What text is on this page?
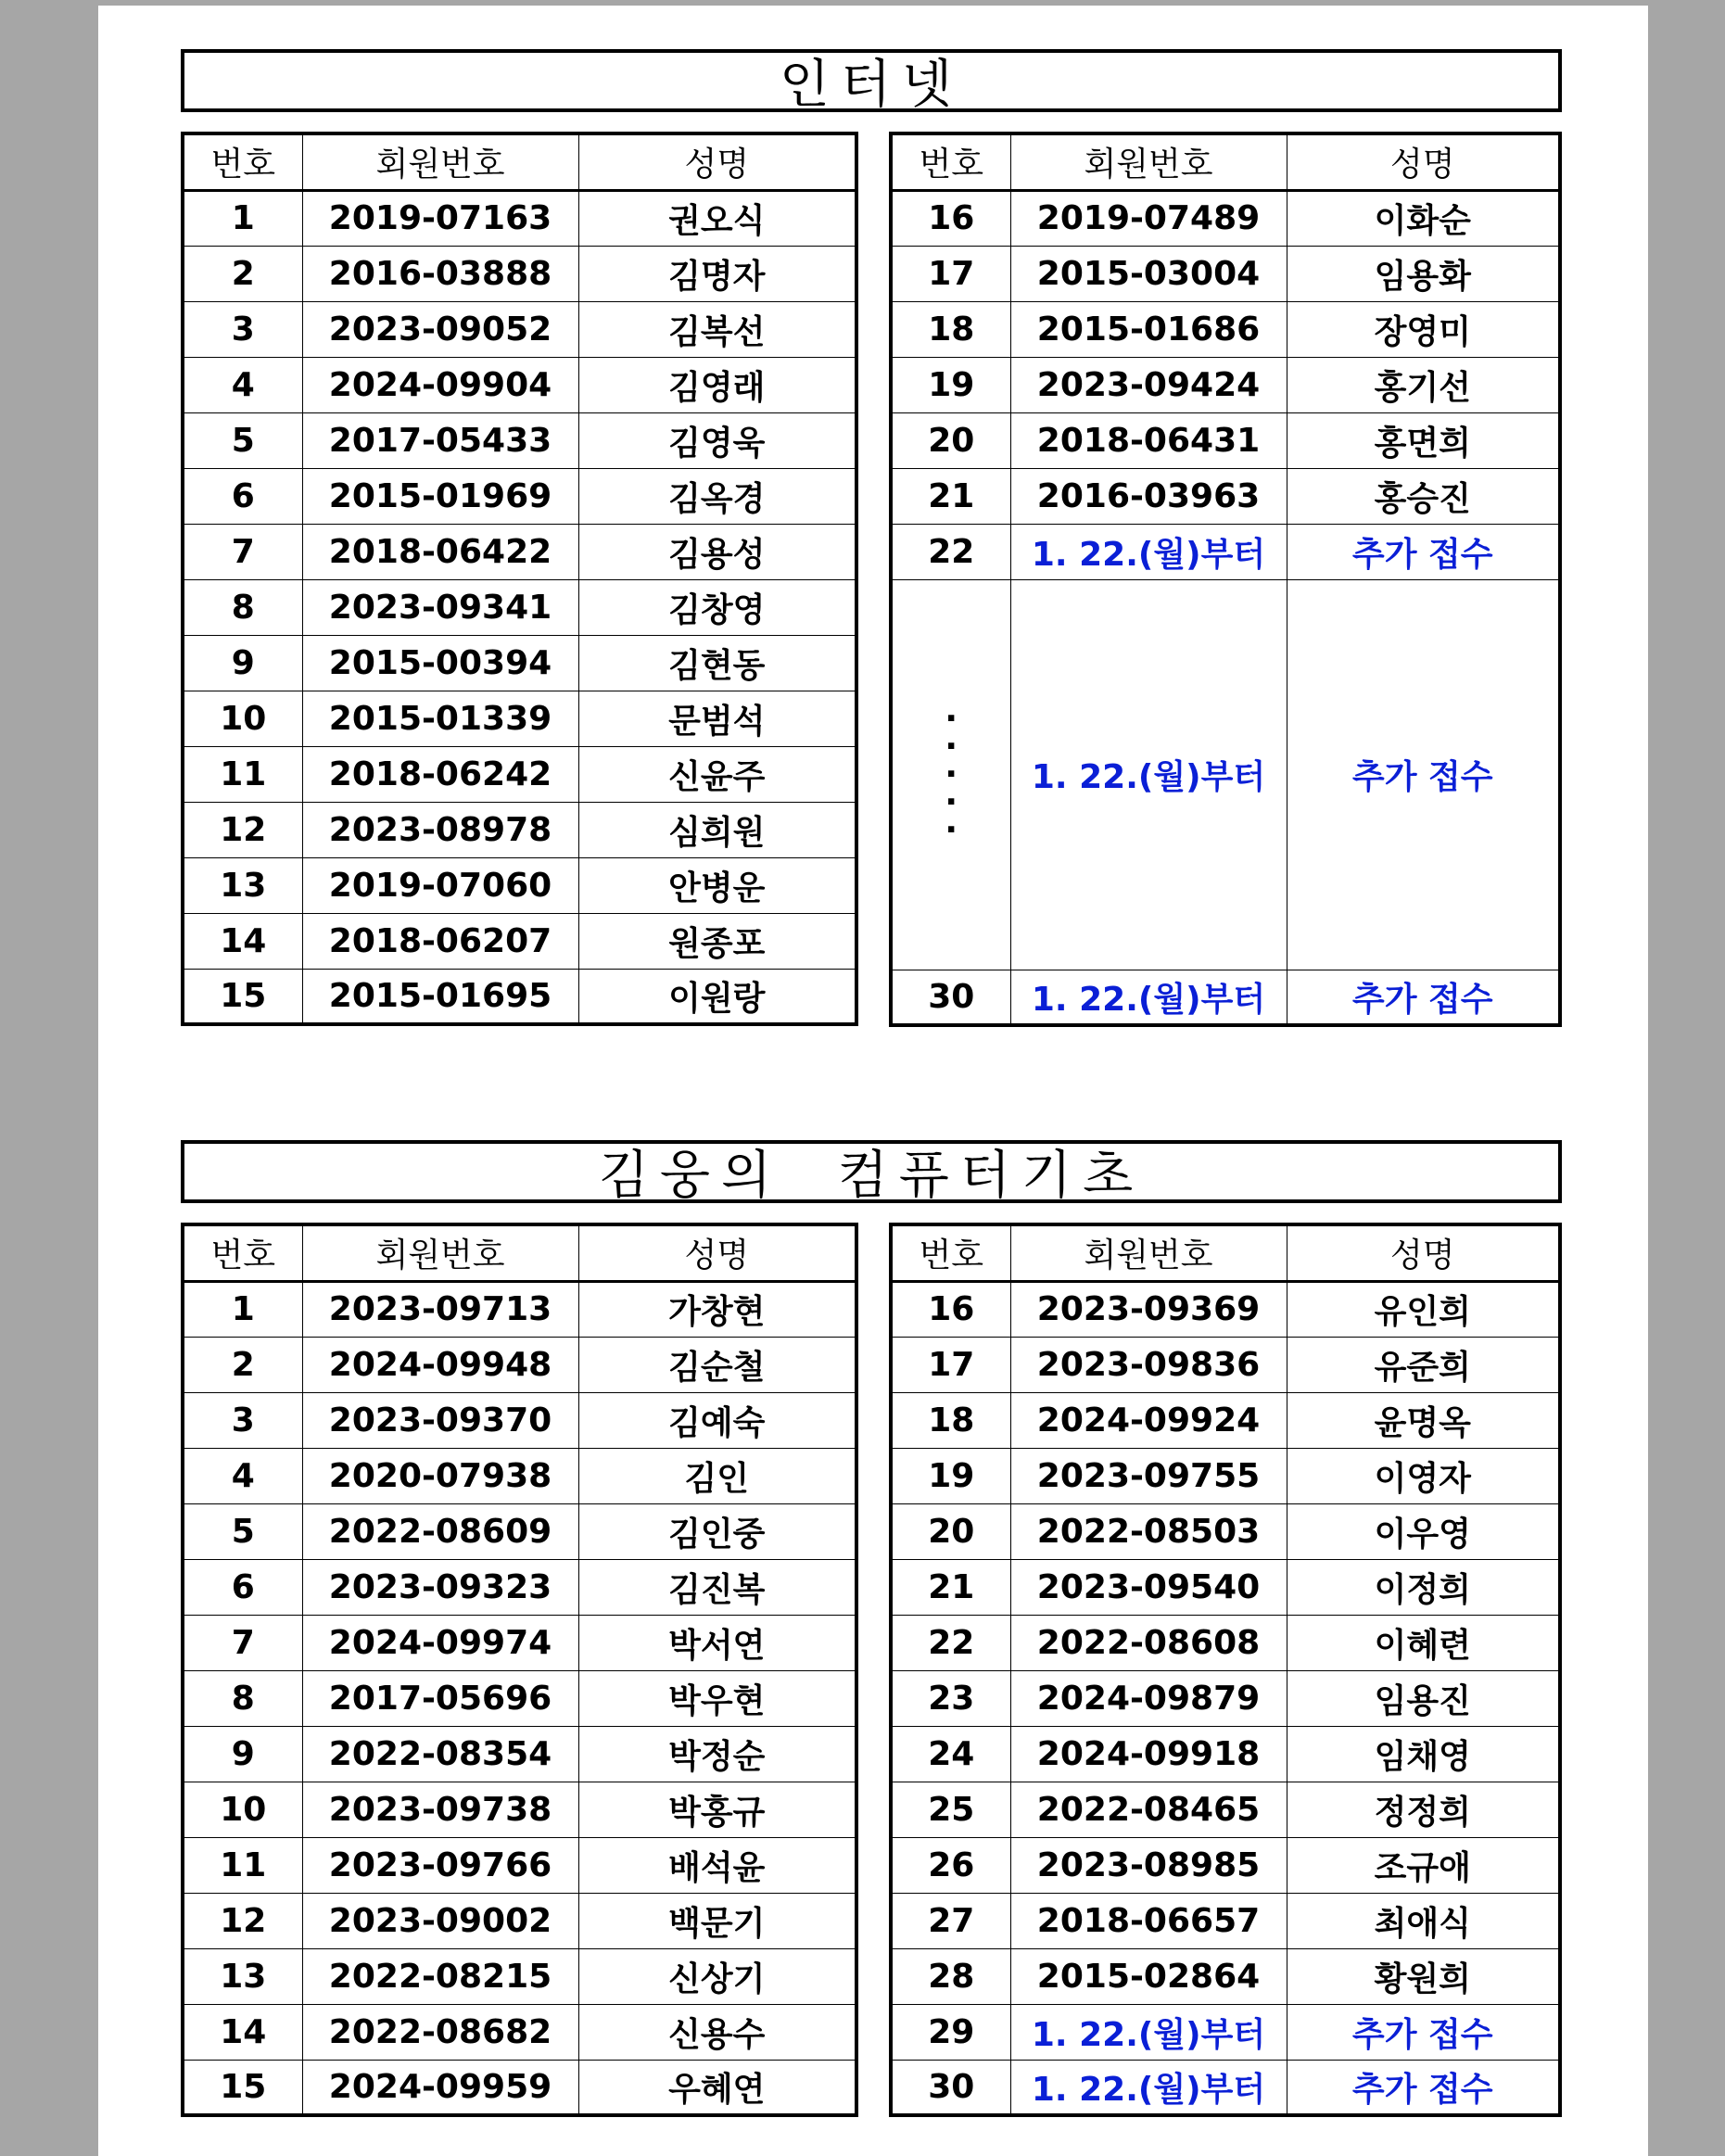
인터넷
번호	회원번호	성명
1	2019-07163	권오식
2	2016-03888	김명자
3	2023-09052	김복선
4	2024-09904	김영래
5	2017-05433	김영욱
6	2015-01969	김옥경
7	2018-06422	김용성
8	2023-09341	김창영
9	2015-00394	김현동
10	2015-01339	문범석
11	2018-06242	신윤주
12	2023-08978	심희원
13	2019-07060	안병운
14	2018-06207	원종포
15	2015-01695	이원랑
번호	회원번호	성명
16	2019-07489	이화순
17	2015-03004	임용화
18	2015-01686	장영미
19	2023-09424	홍기선
20	2018-06431	홍면희
21	2016-03963	홍승진
22	1. 22.(월)부터	추가 접수
·
·
·
·
·	1. 22.(월)부터	추가 접수
30	1. 22.(월)부터	추가 접수
김웅의  컴퓨터기초
번호	회원번호	성명
1	2023-09713	가창현
2	2024-09948	김순철
3	2023-09370	김예숙
4	2020-07938	김인
5	2022-08609	김인중
6	2023-09323	김진복
7	2024-09974	박서연
8	2017-05696	박우현
9	2022-08354	박정순
10	2023-09738	박홍규
11	2023-09766	배석윤
12	2023-09002	백문기
13	2022-08215	신상기
14	2022-08682	신용수
15	2024-09959	우혜연
번호	회원번호	성명
16	2023-09369	유인희
17	2023-09836	유준희
18	2024-09924	윤명옥
19	2023-09755	이영자
20	2022-08503	이우영
21	2023-09540	이정희
22	2022-08608	이혜련
23	2024-09879	임용진
24	2024-09918	임채영
25	2022-08465	정정희
26	2023-08985	조규애
27	2018-06657	최애식
28	2015-02864	황원희
29	1. 22.(월)부터	추가 접수
30	1. 22.(월)부터	추가 접수
